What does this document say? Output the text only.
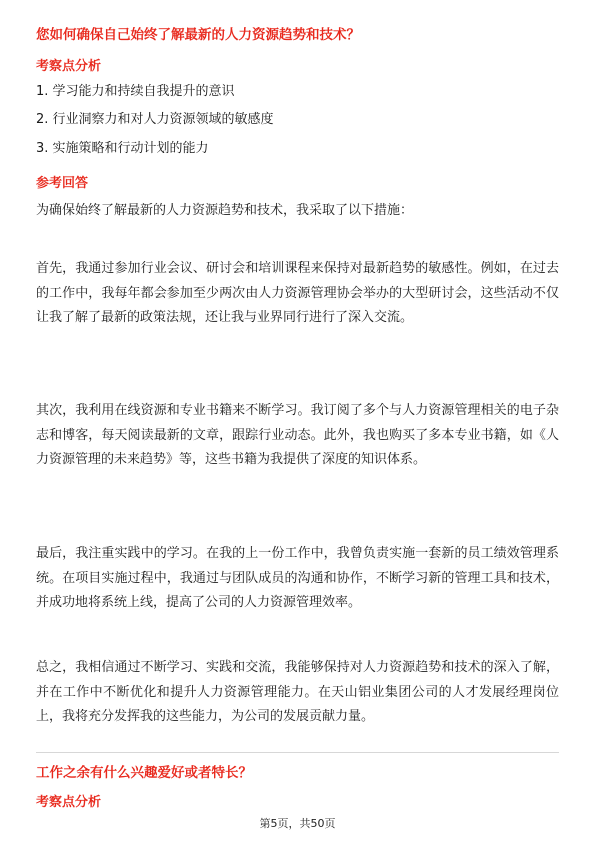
您如何确保自己始终了解最新的人力资源趋势和技术？
考察点分析
1. 学习能力和持续自我提升的意识
2. 行业洞察力和对人力资源领域的敏感度
3. 实施策略和行动计划的能力
参考回答
为确保始终了解最新的人力资源趋势和技术，我采取了以下措施：
首先，我通过参加行业会议、研讨会和培训课程来保持对最新趋势的敏感性。例如，在过去的工作中，我每年都会参加至少两次由人力资源管理协会举办的大型研讨会，这些活动不仅让我了解了最新的政策法规，还让我与业界同行进行了深入交流。
其次，我利用在线资源和专业书籍来不断学习。我订阅了多个与人力资源管理相关的电子杂志和博客，每天阅读最新的文章，跟踪行业动态。此外，我也购买了多本专业书籍，如《人力资源管理的未来趋势》等，这些书籍为我提供了深度的知识体系。
最后，我注重实践中的学习。在我的上一份工作中，我曾负责实施一套新的员工绩效管理系统。在项目实施过程中，我通过与团队成员的沟通和协作，不断学习新的管理工具和技术，并成功地将系统上线，提高了公司的人力资源管理效率。
总之，我相信通过不断学习、实践和交流，我能够保持对人力资源趋势和技术的深入了解，并在工作中不断优化和提升人力资源管理能力。在天山铝业集团公司的人才发展经理岗位上，我将充分发挥我的这些能力，为公司的发展贡献力量。
工作之余有什么兴趣爱好或者特长？
考察点分析
第5页，共50页
